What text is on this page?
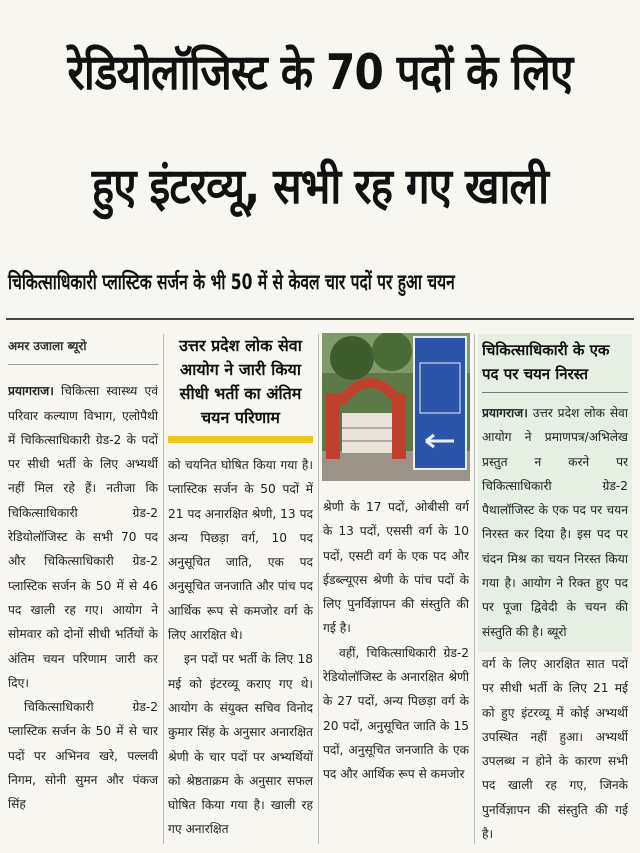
रेडियोलॉजिस्ट के 70 पदों के लिए
हुए इंटरव्यू, सभी रह गए खाली
चिकित्साधिकारी प्लास्टिक सर्जन के भी 50 में से केवल चार पदों पर हुआ चयन
अमर उजाला ब्यूरो

प्रयागराज। चिकित्सा स्वास्थ्य एवं परिवार कल्याण विभाग, एलोपैथी में चिकित्साधिकारी ग्रेड-2 के पदों पर सीधी भर्ती के लिए अभ्यर्थी नहीं मिल रहे हैं। नतीजा कि चिकित्साधिकारी ग्रेड-2 रेडियोलॉजिस्ट के सभी 70 पद और चिकित्साधिकारी ग्रेड-2 प्लास्टिक सर्जन के 50 में से 46 पद खाली रह गए। आयोग ने सोमवार को दोनों सीधी भर्तियों के अंतिम चयन परिणाम जारी कर दिए।

चिकित्साधिकारी ग्रेड-2 प्लास्टिक सर्जन के 50 में से चार पदों पर अभिनव खरे, पल्लवी निगम, सोनी सुमन और पंकज सिंह

उत्तर प्रदेश लोक सेवा आयोग ने जारी किया सीधी भर्ती का अंतिम चयन परिणाम

को चयनित घोषित किया गया है। प्लास्टिक सर्जन के 50 पदों में 21 पद अनारक्षित श्रेणी, 13 पद अन्य पिछड़ा वर्ग, 10 पद अनुसूचित जाति, एक पद अनुसूचित जनजाति और पांच पद आर्थिक रूप से कमजोर वर्ग के लिए आरक्षित थे।

इन पदों पर भर्ती के लिए 18 मई को इंटरव्यू कराए गए थे। आयोग के संयुक्त सचिव विनोद कुमार सिंह के अनुसार अनारक्षित श्रेणी के चार पदों पर अभ्यर्थियों को श्रेष्ठताक्रम के अनुसार सफल घोषित किया गया है। खाली रह गए अनारक्षित

श्रेणी के 17 पदों, ओबीसी वर्ग के 13 पदों, एससी वर्ग के 10 पदों, एसटी वर्ग के एक पद और ईडब्ल्यूएस श्रेणी के पांच पदों के लिए पुनर्विज्ञापन की संस्तुति की गई है।

वहीं, चिकित्साधिकारी ग्रेड-2 रेडियोलॉजिस्ट के अनारक्षित श्रेणी के 27 पदों, अन्य पिछड़ा वर्ग के 20 पदों, अनुसूचित जाति के 15 पदों, अनुसूचित जनजाति के एक पद और आर्थिक रूप से कमजोर

चिकित्साधिकारी के एक पद पर चयन निरस्त

प्रयागराज। उत्तर प्रदेश लोक सेवा आयोग ने प्रमाणपत्र/अभिलेख प्रस्तुत न करने पर चिकित्साधिकारी ग्रेड-2 पैथालॉजिस्ट के एक पद पर चयन निरस्त कर दिया है। इस पद पर चंदन मिश्र का चयन निरस्त किया गया है। आयोग ने रिक्त हुए पद पर पूजा द्विवेदी के चयन की संस्तुति की है। ब्यूरो

वर्ग के लिए आरक्षित सात पदों पर सीधी भर्ती के लिए 21 मई को हुए इंटरव्यू में कोई अभ्यर्थी उपस्थित नहीं हुआ। अभ्यर्थी उपलब्ध न होने के कारण सभी पद खाली रह गए, जिनके पुनर्विज्ञापन की संस्तुति की गई है।
